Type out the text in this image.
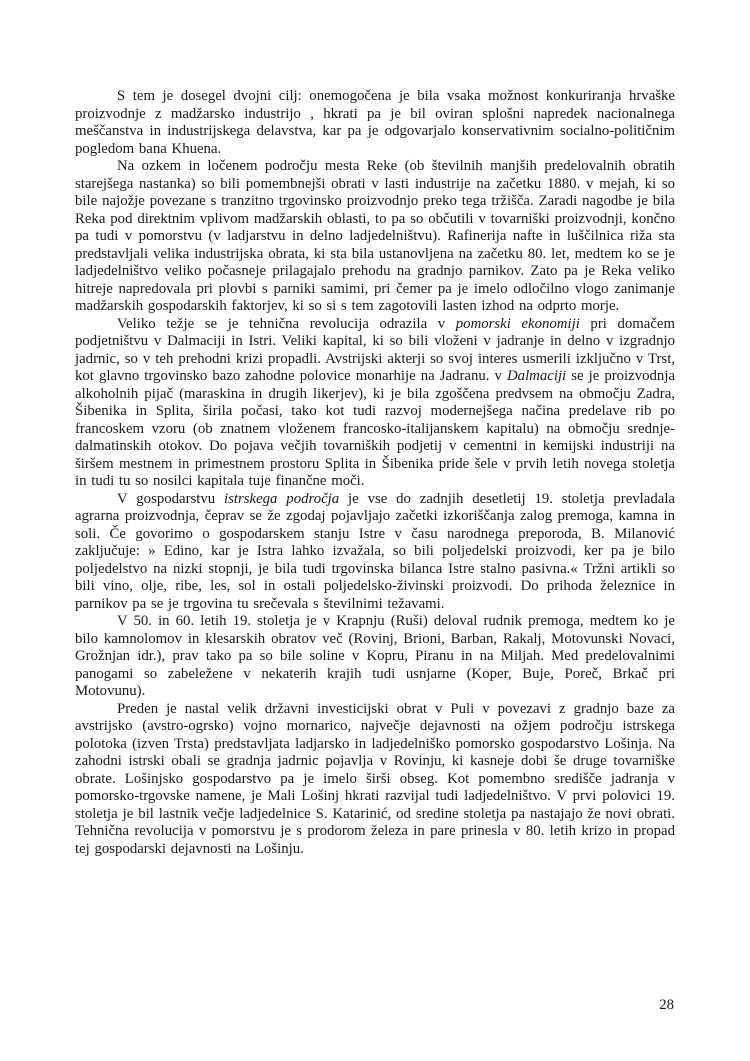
S tem je dosegel dvojni cilj: onemogočena je bila vsaka možnost konkuriranja hrvaške proizvodnje z madžarsko industrijo , hkrati pa je bil oviran splošni napredek nacionalnega meščanstva in industrijskega delavstva, kar pa je odgovarjalo konservativnim socialno-političnim pogledom bana Khuena.

Na ozkem in ločenem področju mesta Reke (ob številnih manjših predelovalnih obratih starejšega nastanka) so bili pomembnejši obrati v lasti industrije na začetku 1880. v mejah, ki so bile najožje povezane s tranzitno trgovinsko proizvodnjo preko tega tržišča. Zaradi nagodbe je bila Reka pod direktnim vplivom madžarskih oblasti, to pa so občutili v tovarniški proizvodnji, končno pa tudi v pomorstvu (v ladjarstvu in delno ladjedelništvu). Rafinerija nafte in luščilnica riža sta predstavljali velika industrijska obrata, ki sta bila ustanovljena na začetku 80. let, medtem ko se je ladjedelništvo veliko počasneje prilagajalo prehodu na gradnjo parnikov. Zato pa je Reka veliko hitreje napredovala pri plovbi s parniki samimi, pri čemer pa je imelo odločilno vlogo zanimanje madžarskih gospodarskih faktorjev, ki so si s tem zagotovili lasten izhod na odprto morje.

Veliko težje se je tehnična revolucija odrazila v pomorski ekonomiji pri domačem podjetništvu v Dalmaciji in Istri. Veliki kapital, ki so bili vloženi v jadranje in delno v izgradnjo jadrnic, so v teh prehodni krizi propadli. Avstrijski akterji so svoj interes usmerili izključno v Trst, kot glavno trgovinsko bazo zahodne polovice monarhije na Jadranu. v Dalmaciji se je proizvodnja alkoholnih pijač (maraskina in drugih likerjev), ki je bila zgoščena predvsem na območju Zadra, Šibenika in Splita, širila počasi, tako kot tudi razvoj modernejšega načina predelave rib po francoskem vzoru (ob znatnem vloženem francosko-italijanskem kapitalu) na območju srednje-dalmatinskih otokov. Do pojava večjih tovarniških podjetij v cementni in kemijski industriji na širšem mestnem in primestnem prostoru Splita in Šibenika pride šele v prvih letih novega stoletja in tudi tu so nosilci kapitala tuje finančne moči.

V gospodarstvu istrskega področja je vse do zadnjih desetletij 19. stoletja prevladala agrarna proizvodnja, čeprav se že zgodaj pojavljajo začetki izkoriščanja zalog premoga, kamna in soli. Če govorimo o gospodarskem stanju Istre v času narodnega preporoda, B. Milanović zaključuje: » Edino, kar je Istra lahko izvažala, so bili poljedelski proizvodi, ker pa je bilo poljedelstvo na nizki stopnji, je bila tudi trgovinska bilanca Istre stalno pasivna.« Tržni artikli so bili vino, olje, ribe, les, sol in ostali poljedelsko-živinski proizvodi. Do prihoda železnice in parnikov pa se je trgovina tu srečevala s številnimi težavami.

V 50. in 60. letih 19. stoletja je v Krapnju (Ruši) deloval rudnik premoga, medtem ko je bilo kamnolomov in klesarskih obratov več (Rovinj, Brioni, Barban, Rakalj, Motovunski Novaci, Grožnjan idr.), prav tako pa so bile soline v Kopru, Piranu in na Miljah. Med predelovalnimi panogami so zabeležene v nekaterih krajih tudi usnjarne (Koper, Buje, Poreč, Brkač pri Motovunu).

Preden je nastal velik državni investicijski obrat v Puli v povezavi z gradnjo baze za avstrijsko (avstro-ogrsko) vojno mornarico, največje dejavnosti na ožjem področju istrskega polotoka (izven Trsta) predstavljata ladjarsko in ladjedelniško pomorsko gospodarstvo Lošinja. Na zahodni istrski obali se gradnja jadrnic pojavlja v Rovinju, ki kasneje dobi še druge tovarniške obrate. Lošinjsko gospodarstvo pa je imelo širši obseg. Kot pomembno središče jadranja v pomorsko-trgovske namene, je Mali Lošinj hkrati razvijal tudi ladjedelništvo. V prvi polovici 19. stoletja je bil lastnik večje ladjedelnice S. Katarinić, od sredine stoletja pa nastajajo že novi obrati. Tehnična revolucija v pomorstvu je s prodorom železa in pare prinesla v 80. letih krizo in propad tej gospodarski dejavnosti na Lošinju.

28
